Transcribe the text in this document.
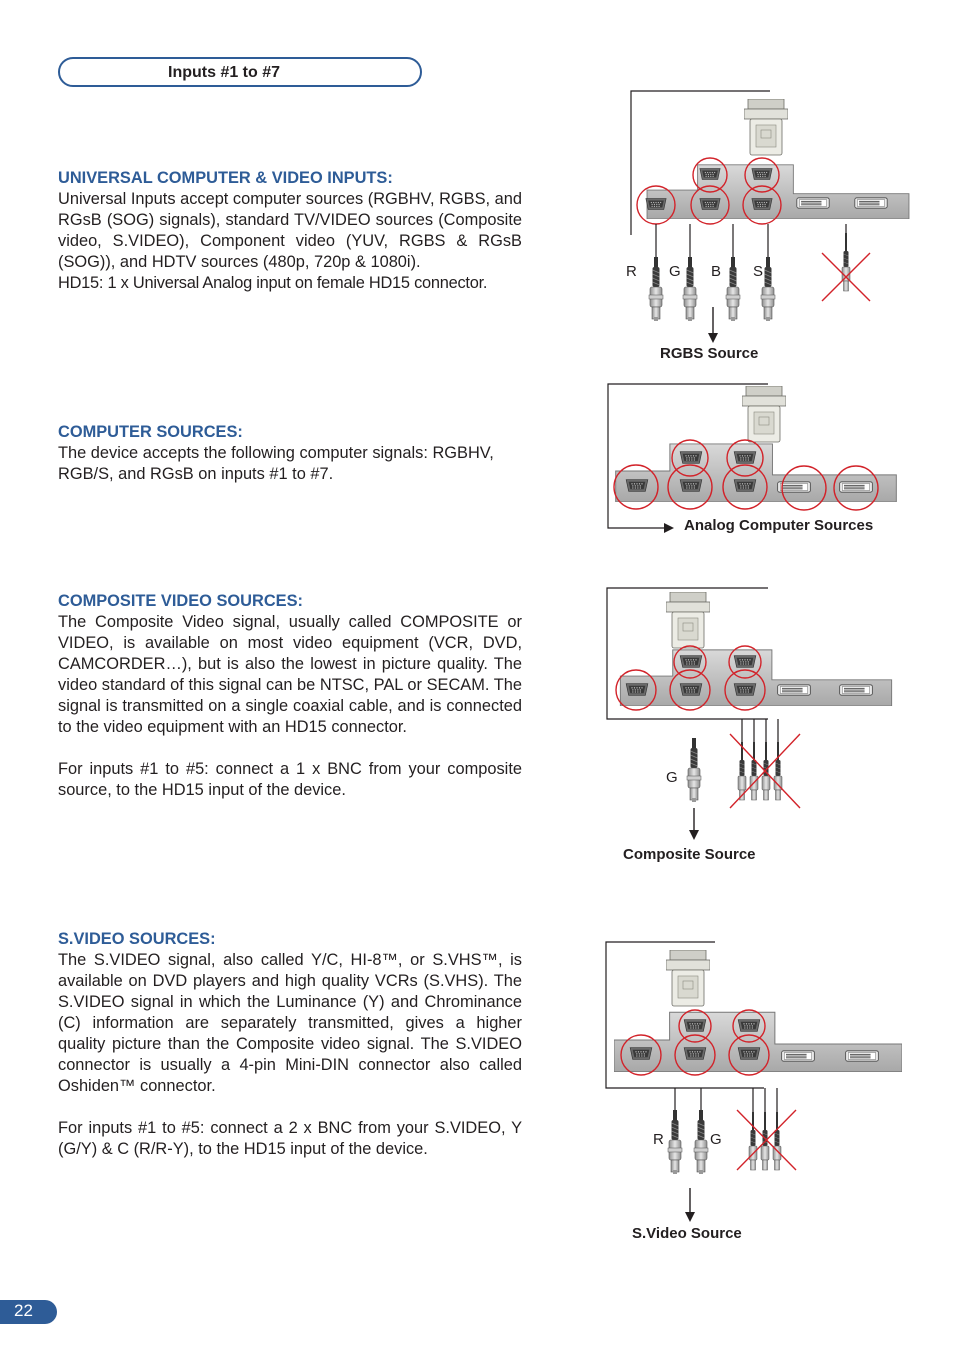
Inputs #1 to #7
UNIVERSAL COMPUTER & VIDEO INPUTS:

Universal Inputs accept computer sources (RGBHV, RGBS, and RGsB (SOG) signals), standard TV/VIDEO sources (Composite video, S.VIDEO), Component video (YUV, RGBS & RGsB (SOG)), and HDTV sources (480p, 720p & 1080i).

HD15: 1 x Universal Analog input on female HD15 connector.

COMPUTER SOURCES:

The device accepts the following computer signals: RGBHV, RGB/S, and RGsB on inputs #1 to #7.

COMPOSITE VIDEO SOURCES:

The Composite Video signal, usually called COMPOSITE or VIDEO, is available on most video equipment (VCR, DVD, CAMCORDER…), but is also the lowest in picture quality. The video standard of this signal can be NTSC, PAL or SECAM. The signal is transmitted on a single coaxial cable, and is connected to the video equipment with an HD15 connector.

For inputs #1 to #5: connect a 1 x BNC from your composite source, to the HD15 input of the device.

S.VIDEO SOURCES:

The S.VIDEO signal, also called Y/C, HI-8™, or S.VHS™, is available on DVD players and high quality VCRs (S.VHS). The S.VIDEO signal in which the Luminance (Y) and Chrominance (C) information are separately transmitted, gives a higher quality picture than the Composite video signal. The S.VIDEO connector is usually a 4-pin Mini-DIN connector also called Oshiden™ connector.

For inputs #1 to #5: connect a 2 x BNC from your S.VIDEO, Y (G/Y) & C (R/R-Y), to the HD15 input of the device.

R G B S
RGBS Source
Analog Computer Sources
G
Composite Source
R	G
S.Video Source
22
